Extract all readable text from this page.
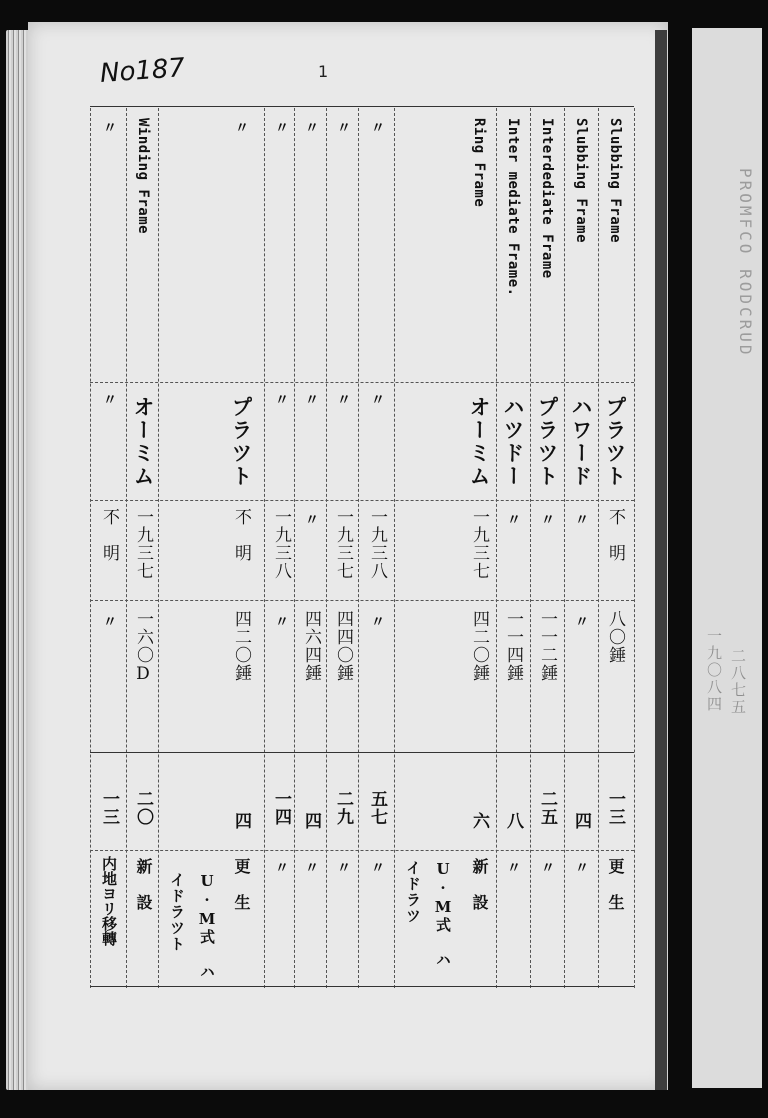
PROMFCO RODCRUD
一九〇八四 二八七五
No187	1
Slubbing Frame
プラツト
不　明
八〇錘
一三
更　生
Slubbing Frame
ハワード
〃
〃
四
〃
Interdediate Frame
プラツト
〃
一一二錘
二五
〃
Inter mediate Frame.
ハツドー
〃
一一四錘
八
〃
Ring Frame
オーミム
一九三七
四二〇錘
六
新　設
U·M式 ハイドラツ
〃
〃
一九三八
〃
五七
〃
〃
〃
一九三七
四四〇錘
二九
〃
〃
〃
〃
四六四錘
四
〃
〃
〃
一九三八
〃
一四
〃
〃
プラツト
不　明
四二〇錘
四
更　生
U·M式 ハイドラツト
Winding Frame
オーミム
一九三七
一六〇D
二〇
新　設
〃
〃
不　明
〃
一三
内地ヨリ移轉
